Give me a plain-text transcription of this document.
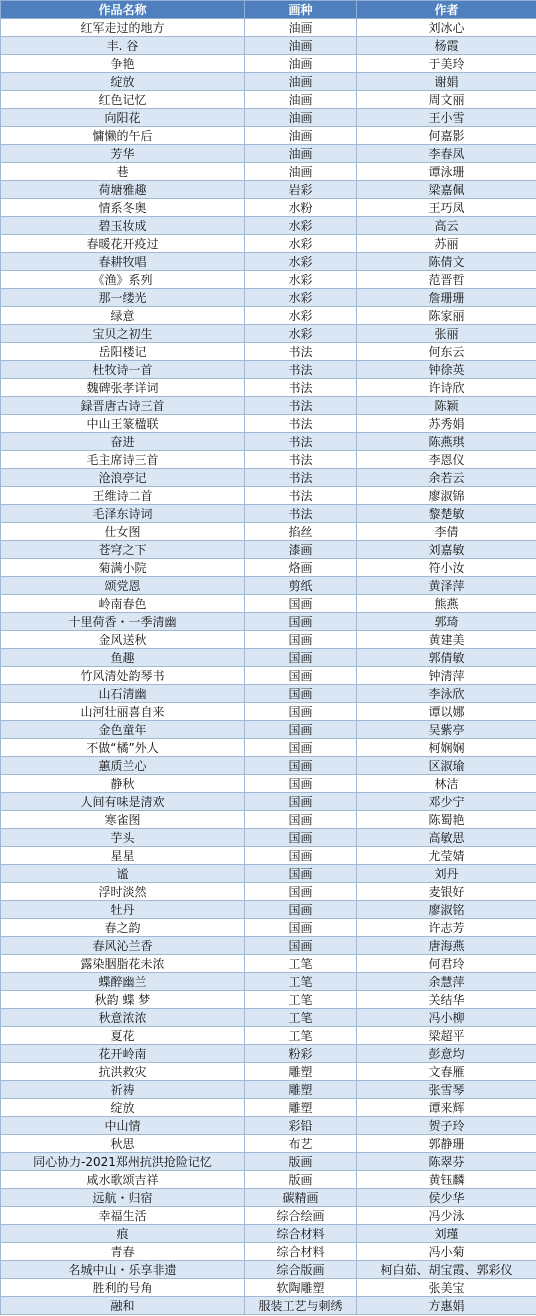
作品名称	画种	作者
红军走过的地方	油画	刘冰心
丰. 谷	油画	杨霞
争艳	油画	于美玲
绽放	油画	谢娟
红色记忆	油画	周文丽
向阳花	油画	王小雪
慵懒的午后	油画	何嘉影
芳华	油画	李春凤
巷	油画	谭泳珊
荷塘雅趣	岩彩	梁嘉佩
情系冬奥	水粉	王巧凤
碧玉妆成	水彩	高云
春暖花开疫过	水彩	苏丽
春耕牧唱	水彩	陈倩文
《渔》系列	水彩	范晋哲
那一缕光	水彩	詹珊珊
绿意	水彩	陈家丽
宝贝之初生	水彩	张丽
岳阳楼记	书法	何东云
杜牧诗一首	书法	钟徐英
魏碑张孝详词	书法	许诗欣
録晋唐古诗三首	书法	陈颖
中山王篆楹联	书法	苏秀娟
奋进	书法	陈燕琪
毛主席诗三首	书法	李恩仪
沧浪亭记	书法	余若云
王维诗二首	书法	廖淑锦
毛泽东诗词	书法	黎楚敏
仕女图	掐丝	李倩
苍穹之下	漆画	刘嘉敏
菊满小院	烙画	符小汝
颂党恩	剪纸	黄泽萍
岭南春色	国画	熊燕
十里荷香・一季清幽	国画	郭琦
金风送秋	国画	黄建美
鱼趣	国画	郭倩敏
竹风清处韵琴书	国画	钟清萍
山石清幽	国画	李泳欣
山河壮丽喜自来	国画	谭以娜
金色童年	国画	吴紫亭
不做“橘”外人	国画	柯娴娴
蕙质兰心	国画	区淑瑜
静秋	国画	林洁
人间有味是清欢	国画	邓少宁
寒雀图	国画	陈蜀艳
芋头	国画	高敏思
星星	国画	尤莹婧
谧	国画	刘丹
浮时淡然	国画	麦银好
牡丹	国画	廖淑铭
春之韵	国画	许志芳
春风沁兰香	国画	唐海燕
露染胭脂花未浓	工笔	何君玲
蝶醉幽兰	工笔	余慧萍
秋韵 蝶 梦	工笔	关结华
秋意浓浓	工笔	冯小柳
夏花	工笔	梁超平
花开岭南	粉彩	彭意均
抗洪救灾	雕塑	文春雁
祈祷	雕塑	张雪琴
绽放	雕塑	谭来辉
中山情	彩铅	贺子玲
秋思	布艺	郭静珊
同心协力-2021郑州抗洪抢险记忆	版画	陈翠芬
咸水歌颂吉祥	版画	黄钰麟
远航・归宿	碳精画	侯少华
幸福生活	综合绘画	冯少泳
痕	综合材料	刘瑾
青春	综合材料	冯小菊
名城中山・乐享非遗	综合版画	柯白茹、胡宝霞、郭彩仪
胜利的号角	软陶雕塑	张美宝
融和	服装工艺与刺绣	方惠娟
